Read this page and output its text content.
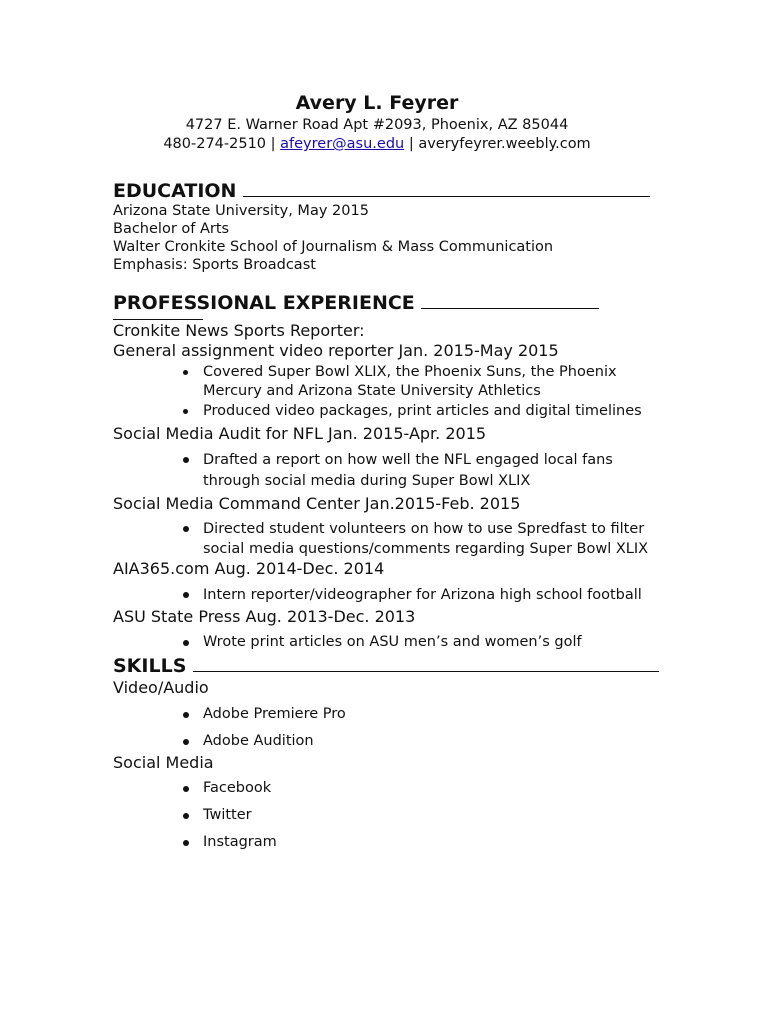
Avery L. Feyrer
4727 E. Warner Road Apt #2093, Phoenix, AZ 85044
480-274-2510 | afeyrer@asu.edu | averyfeyrer.weebly.com
EDUCATION
Arizona State University, May 2015
Bachelor of Arts
Walter Cronkite School of Journalism & Mass Communication
Emphasis: Sports Broadcast
PROFESSIONAL EXPERIENCE
Cronkite News Sports Reporter:
General assignment video reporter Jan. 2015-May 2015
Covered Super Bowl XLIX, the Phoenix Suns, the Phoenix Mercury and Arizona State University Athletics
Produced video packages, print articles and digital timelines
Social Media Audit for NFL Jan. 2015-Apr. 2015
Drafted a report on how well the NFL engaged local fans through social media during Super Bowl XLIX
Social Media Command Center Jan.2015-Feb. 2015
Directed student volunteers on how to use Spredfast to filter social media questions/comments regarding Super Bowl XLIX
AIA365.com Aug. 2014-Dec. 2014
Intern reporter/videographer for Arizona high school football
ASU State Press Aug. 2013-Dec. 2013
Wrote print articles on ASU men’s and women’s golf
SKILLS
Video/Audio
Adobe Premiere Pro
Adobe Audition
Social Media
Facebook
Twitter
Instagram
